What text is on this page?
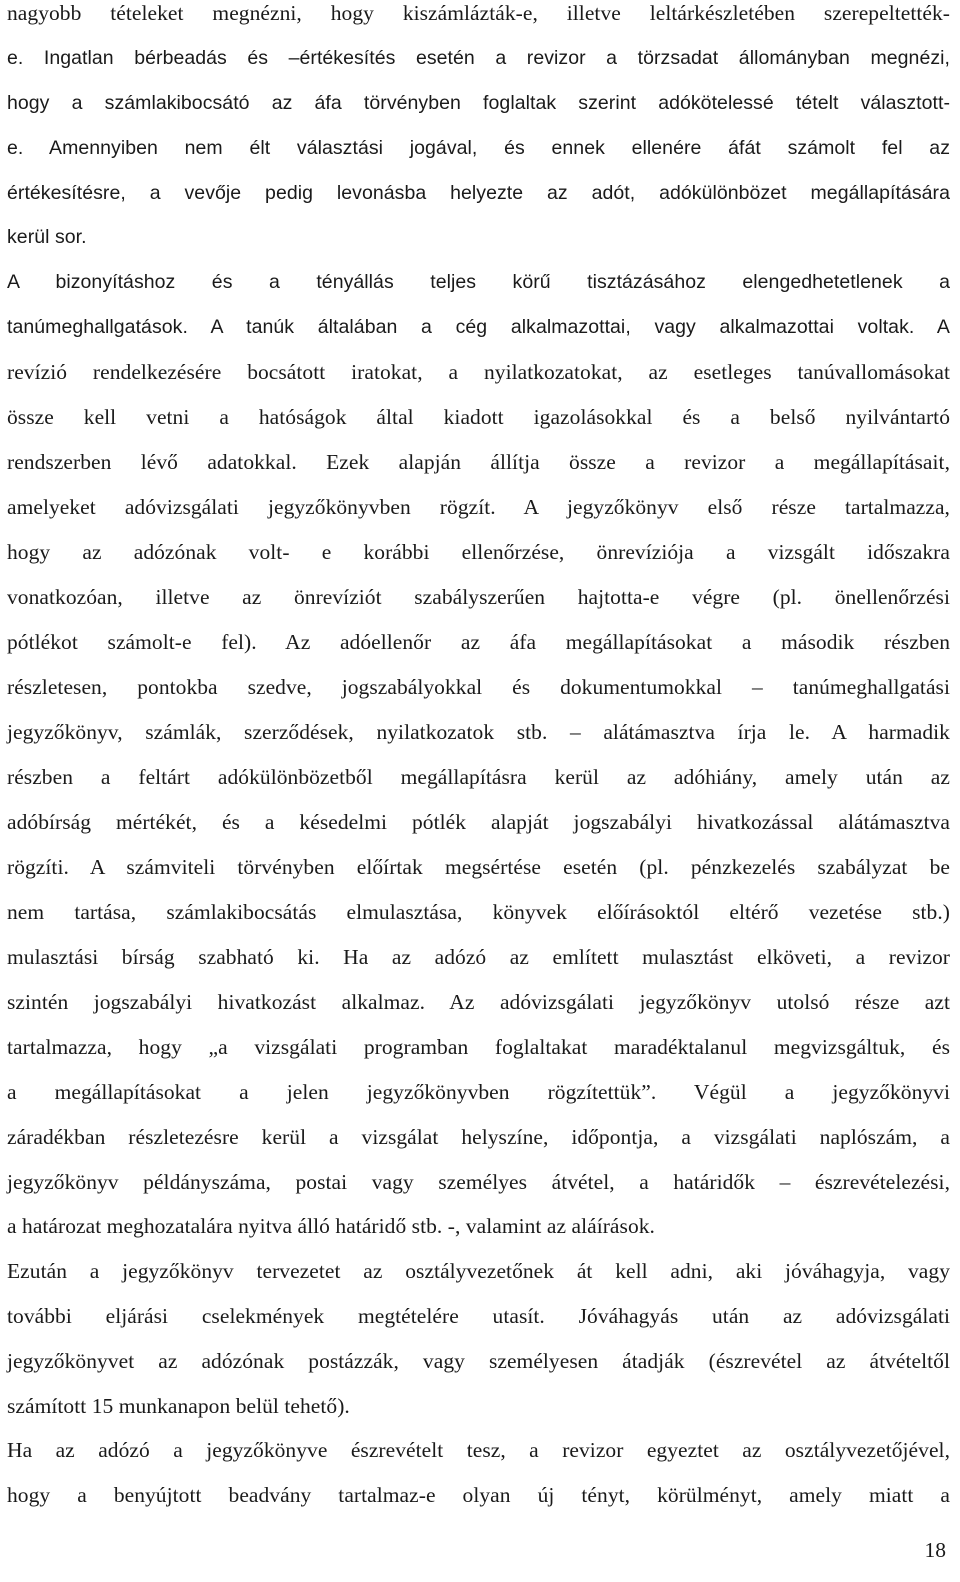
nagyobb tételeket megnézni, hogy kiszámlázták-e, illetve leltárkészletében szerepeltették-
e. Ingatlan bérbeadás és –értékesítés esetén a revizor a törzsadat állományban megnézi,
hogy a számlakibocsátó az áfa törvényben foglaltak szerint adókötelessé tételt választott-
e. Amennyiben nem élt választási jogával, és ennek ellenére áfát számolt fel az
értékesítésre, a vevője pedig levonásba helyezte az adót, adókülönbözet megállapítására
kerül sor.
A bizonyításhoz és a tényállás teljes körű tisztázásához elengedhetetlenek a
tanúmeghallgatások. A tanúk általában a cég alkalmazottai, vagy alkalmazottai voltak. A
revízió rendelkezésére bocsátott iratokat, a nyilatkozatokat, az esetleges tanúvallomásokat
össze kell vetni a hatóságok által kiadott igazolásokkal és a belső nyilvántartó
rendszerben lévő adatokkal. Ezek alapján állítja össze a revizor a megállapításait,
amelyeket adóvizsgálati jegyzőkönyvben rögzít. A jegyzőkönyv első része tartalmazza,
hogy az adózónak volt- e korábbi ellenőrzése, önrevíziója a vizsgált időszakra
vonatkozóan, illetve az önrevíziót szabályszerűen hajtotta-e végre (pl. önellenőrzési
pótlékot számolt-e fel). Az adóellenőr az áfa megállapításokat a második részben
részletesen, pontokba szedve, jogszabályokkal és dokumentumokkal – tanúmeghallgatási
jegyzőkönyv, számlák, szerződések, nyilatkozatok stb. – alátámasztva írja le. A harmadik
részben a feltárt adókülönbözetből megállapításra kerül az adóhiány, amely után az
adóbírság mértékét, és a késedelmi pótlék alapját jogszabályi hivatkozással alátámasztva
rögzíti. A számviteli törvényben előírtak megsértése esetén (pl. pénzkezelés szabályzat be
nem tartása, számlakibocsátás elmulasztása, könyvek előírásoktól eltérő vezetése stb.)
mulasztási bírság szabható ki. Ha az adózó az említett mulasztást elköveti, a revizor
szintén jogszabályi hivatkozást alkalmaz. Az adóvizsgálati jegyzőkönyv utolsó része azt
tartalmazza, hogy „a vizsgálati programban foglaltakat maradéktalanul megvizsgáltuk, és
a megállapításokat a jelen jegyzőkönyvben rögzítettük”. Végül a jegyzőkönyvi
záradékban részletezésre kerül a vizsgálat helyszíne, időpontja, a vizsgálati naplószám, a
jegyzőkönyv példányszáma, postai vagy személyes átvétel, a határidők – észrevételezési,
a határozat meghozatalára nyitva álló határidő stb. -, valamint az aláírások.
Ezután a jegyzőkönyv tervezetet az osztályvezetőnek át kell adni, aki jóváhagyja, vagy
további eljárási cselekmények megtételére utasít. Jóváhagyás után az adóvizsgálati
jegyzőkönyvet az adózónak postázzák, vagy személyesen átadják (észrevétel az átvételtől
számított 15 munkanapon belül tehető).
Ha az adózó a jegyzőkönyve észrevételt tesz, a revizor egyeztet az osztályvezetőjével,
hogy a benyújtott beadvány tartalmaz-e olyan új tényt, körülményt, amely miatt a
18
